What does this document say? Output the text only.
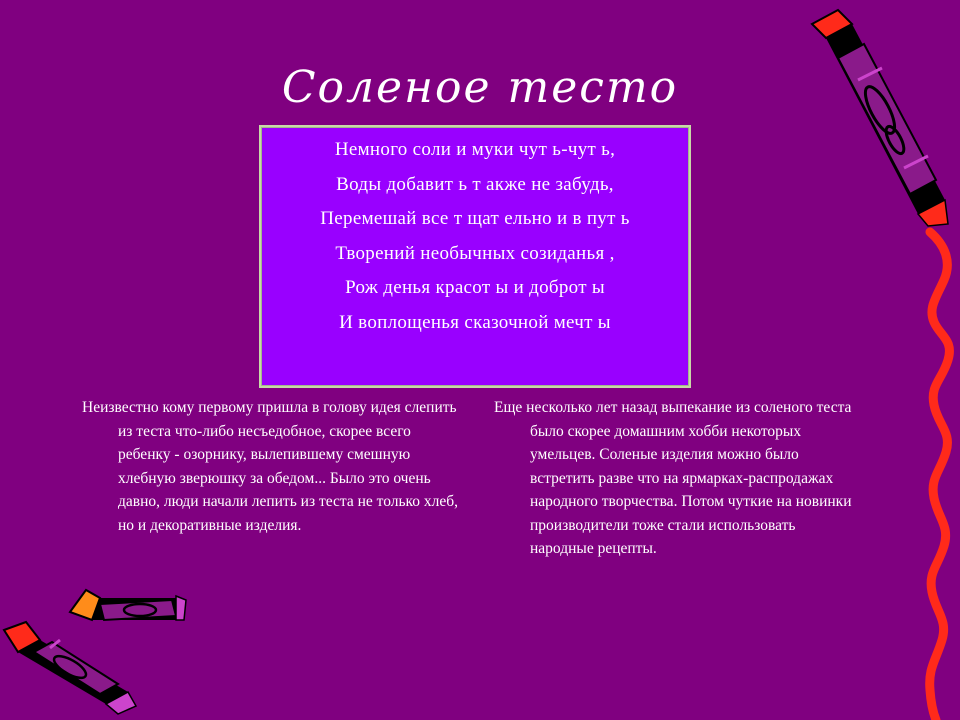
Соленое тесто
Немного соли и муки чут ь-чут ь,
Воды добавит ь т акже не забудь,
Перемешай все т щат ельно и в пут ь
Творений необычных созиданья ,
Рож денья красот ы и доброт ы
И воплощенья сказочной мечт ы
Неизвестно кому первому пришла в голову идея слепить из теста что-либо несъедобное, скорее всего ребенку - озорнику, вылепившему смешную хлебную зверюшку за обедом... Было это очень давно, люди начали лепить из теста не только хлеб, но и декоративные изделия.
Еще несколько лет назад выпекание из соленого теста было скорее домашним хобби некоторых умельцев. Соленые изделия можно было встретить разве что на ярмарках-распродажах народного творчества. Потом чуткие на новинки производители тоже стали использовать народные рецепты.
